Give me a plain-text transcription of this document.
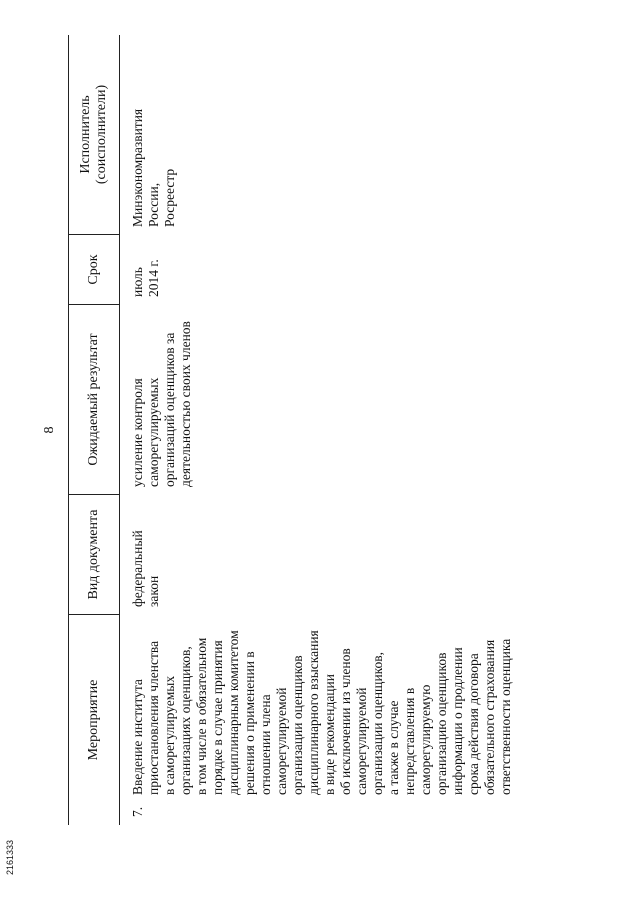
8
Мероприятие
Вид документа
Ожидаемый результат
Срок
Исполнитель
(соисполнители)
7.
Введение института приостановления членства в саморегулируемых организациях оценщиков, в том числе в обязательном порядке в случае принятия дисциплинарным комитетом решения о применении в отношении члена саморегулируемой организации оценщиков дисциплинарного взыскания в виде рекомендации об исключении из членов саморегулируемой организации оценщиков, а также в случае непредставления в саморегулируемую организацию оценщиков информации о продлении срока действия договора обязательного страхования ответственности оценщика
федеральный закон
усиление контроля саморегулируемых организаций оценщиков за деятельностью своих членов
июль 2014 г.
Минэкономразвития России, Росреестр
2161333
